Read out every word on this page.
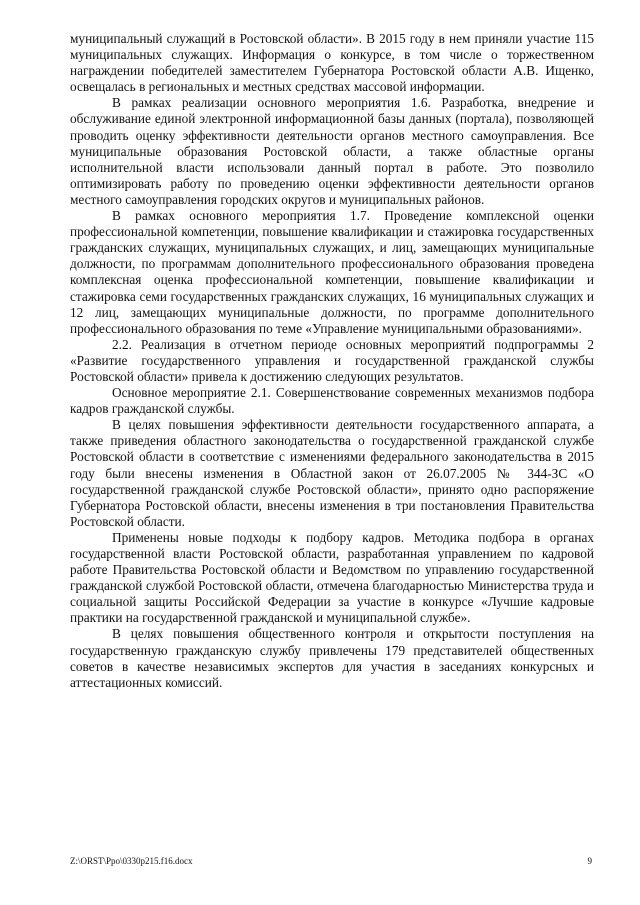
муниципальный служащий в Ростовской области». В 2015 году в нем приняли участие 115 муниципальных служащих. Информация о конкурсе, в том числе о торжественном награждении победителей заместителем Губернатора Ростовской области А.В. Ищенко, освещалась в региональных и местных средствах массовой информации.

В рамках реализации основного мероприятия 1.6. Разработка, внедрение и обслуживание единой электронной информационной базы данных (портала), позволяющей проводить оценку эффективности деятельности органов местного самоуправления. Все муниципальные образования Ростовской области, а также областные органы исполнительной власти использовали данный портал в работе. Это позволило оптимизировать работу по проведению оценки эффективности деятельности органов местного самоуправления городских округов и муниципальных районов.

В рамках основного мероприятия 1.7. Проведение комплексной оценки профессиональной компетенции, повышение квалификации и стажировка государственных гражданских служащих, муниципальных служащих, и лиц, замещающих муниципальные должности, по программам дополнительного профессионального образования проведена комплексная оценка профессиональной компетенции, повышение квалификации и стажировка семи государственных гражданских служащих, 16 муниципальных служащих и 12 лиц, замещающих муниципальные должности, по программе дополнительного профессионального образования по теме «Управление муниципальными образованиями».

2.2. Реализация в отчетном периоде основных мероприятий подпрограммы 2 «Развитие государственного управления и государственной гражданской службы Ростовской области» привела к достижению следующих результатов.

Основное мероприятие 2.1. Совершенствование современных механизмов подбора кадров гражданской службы.

В целях повышения эффективности деятельности государственного аппарата, а также приведения областного законодательства о государственной гражданской службе Ростовской области в соответствие с изменениями федерального законодательства в 2015 году были внесены изменения в Областной закон от 26.07.2005 № 344-ЗС «О государственной гражданской службе Ростовской области», принято одно распоряжение Губернатора Ростовской области, внесены изменения в три постановления Правительства Ростовской области.

Применены новые подходы к подбору кадров. Методика подбора в органах государственной власти Ростовской области, разработанная управлением по кадровой работе Правительства Ростовской области и Ведомством по управлению государственной гражданской службой Ростовской области, отмечена благодарностью Министерства труда и социальной защиты Российской Федерации за участие в конкурсе «Лучшие кадровые практики на государственной гражданской и муниципальной службе».

В целях повышения общественного контроля и открытости поступления на государственную гражданскую службу привлечены 179 представителей общественных советов в качестве независимых экспертов для участия в заседаниях конкурсных и аттестационных комиссий.

Z:\ORST\Ppo\0330p215.f16.docx	9
